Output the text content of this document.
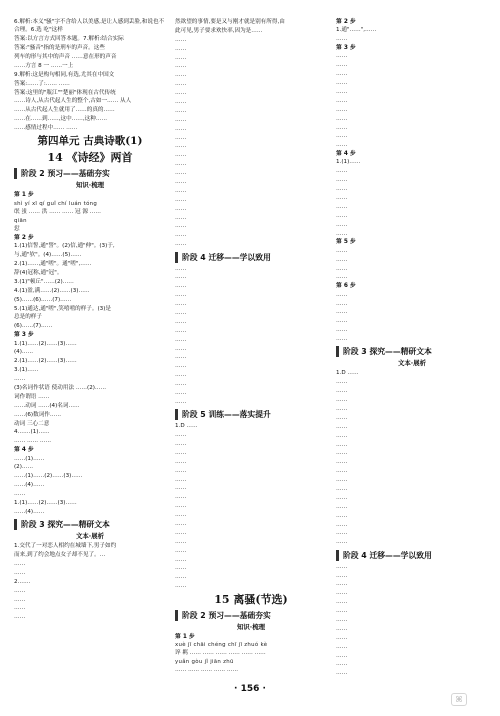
6.解析:本义"骚"字不含给人以美感,是让人感到丢脸,和说也不合理。6.选 吃"这样
答案:以方言方式回答本题。7.解析:结合实际
答案:"骚音"指的是刑车的声音。这些
列车的形与其中的声音 ……意在形的声音
……方言 8 一 ……一上
9.解析:这是构句相同,有选,尤其在中国文
答案:……了:…… ……
答案:这里的"瓶江""楚丽"体现在古代传统
……诗人,从古代起人生的整个,古如一…… 从人
……从古代起人生就用了……的真的……
……在……到……,这中……,这种……
……感情过程中…… ……
第四单元 古典诗歌(1)
14 《诗经》两首
阶段 2 预习——基础夯实
知识·梳理
第 1 步
shì yí xī qí guǐ chí luán tóng
氓 蚩 …… 洪 …… …… 冠 源 ……
qiān
愆
第 2 步
1.(1)信誓,通"誓"。(2)信,通"伸"。(3)于,
与,通"欤"。(4)……(5)……
2.(1)……,通"嗟"。通"嗟",……
辞(4)冠称,通"冠"。
3.(1)"顿丘"……(2)……
4.(1)盈,满……(2)……(3)……
(5)……(6)……(7)……
5.(1)通达,通"嗟",笑嘻嘻的样子。(3)是
总是的样子
(6)……(7)……
第 3 步
1.(1)……(2)……(3)……
(4)……
2.(1)……(2)……(3)……
3.(1)……
……
(3)名词作状语 使动用法 ……(2)……
词作谓语 ……
……动词 ……(4)名词……
……(6)数词作……
动词 三心二意
4.……(1)……
…… …… ……
第 4 步
……(1)……
(2)……
……(1)……(2)……(3)……
……(4)……
……
1.(1)……(2)……(3)……
……(4)……
阶段 3 探究——精研文本
文本·展析
1.交代了一对恋人相约在城墙下,男子如约
而来,到了约会地点女子却不见了。…
……
……
2.……
……
……
……
……
然欲望的事情,要是又与刚才就是别有所得,由
此可见,男子要求欢快率,因为是……
……
……
……
……
……
……
……
……
……
……
……
……
……
……
……
……
……
……
……
……
……
……
……
……
阶段 4 迁移——学以致用
……
……
……
……
……
……
……
……
……
……
……
……
……
……
……
……
阶段 5 训练——落实提升
1.D ……
……
……
……
……
……
……
……
……
……
……
……
……
……
……
……
……
……
……
15 离骚(节选)
阶段 2 预习——基础夯实
知识·梳理
第 1 步
xuè jī chāi chéng chī jī zhuó kè
谇 羁 …… …… …… …… …… ……
yuǎn gòu jǐ jiān zhū
…… …… …… …… ……
第 2 步
1.通"……",……
……
第 3 步
……
……
……
……
……
……
……
……
……
……
……
第 4 步
1.(1)……
……
……
……
……
……
……
……
……
第 5 步
……
……
……
……
第 6 步
……
……
……
……
……
……
阶段 3 探究——精研文本
文本·展析
1.D ……
……
……
……
……
……
……
……
……
……
……
……
……
……
……
……
……
……
……
……
阶段 4 迁移——学以致用
……
……
……
……
……
……
……
……
……
……
……
……
……
· 156 ·
⌘
